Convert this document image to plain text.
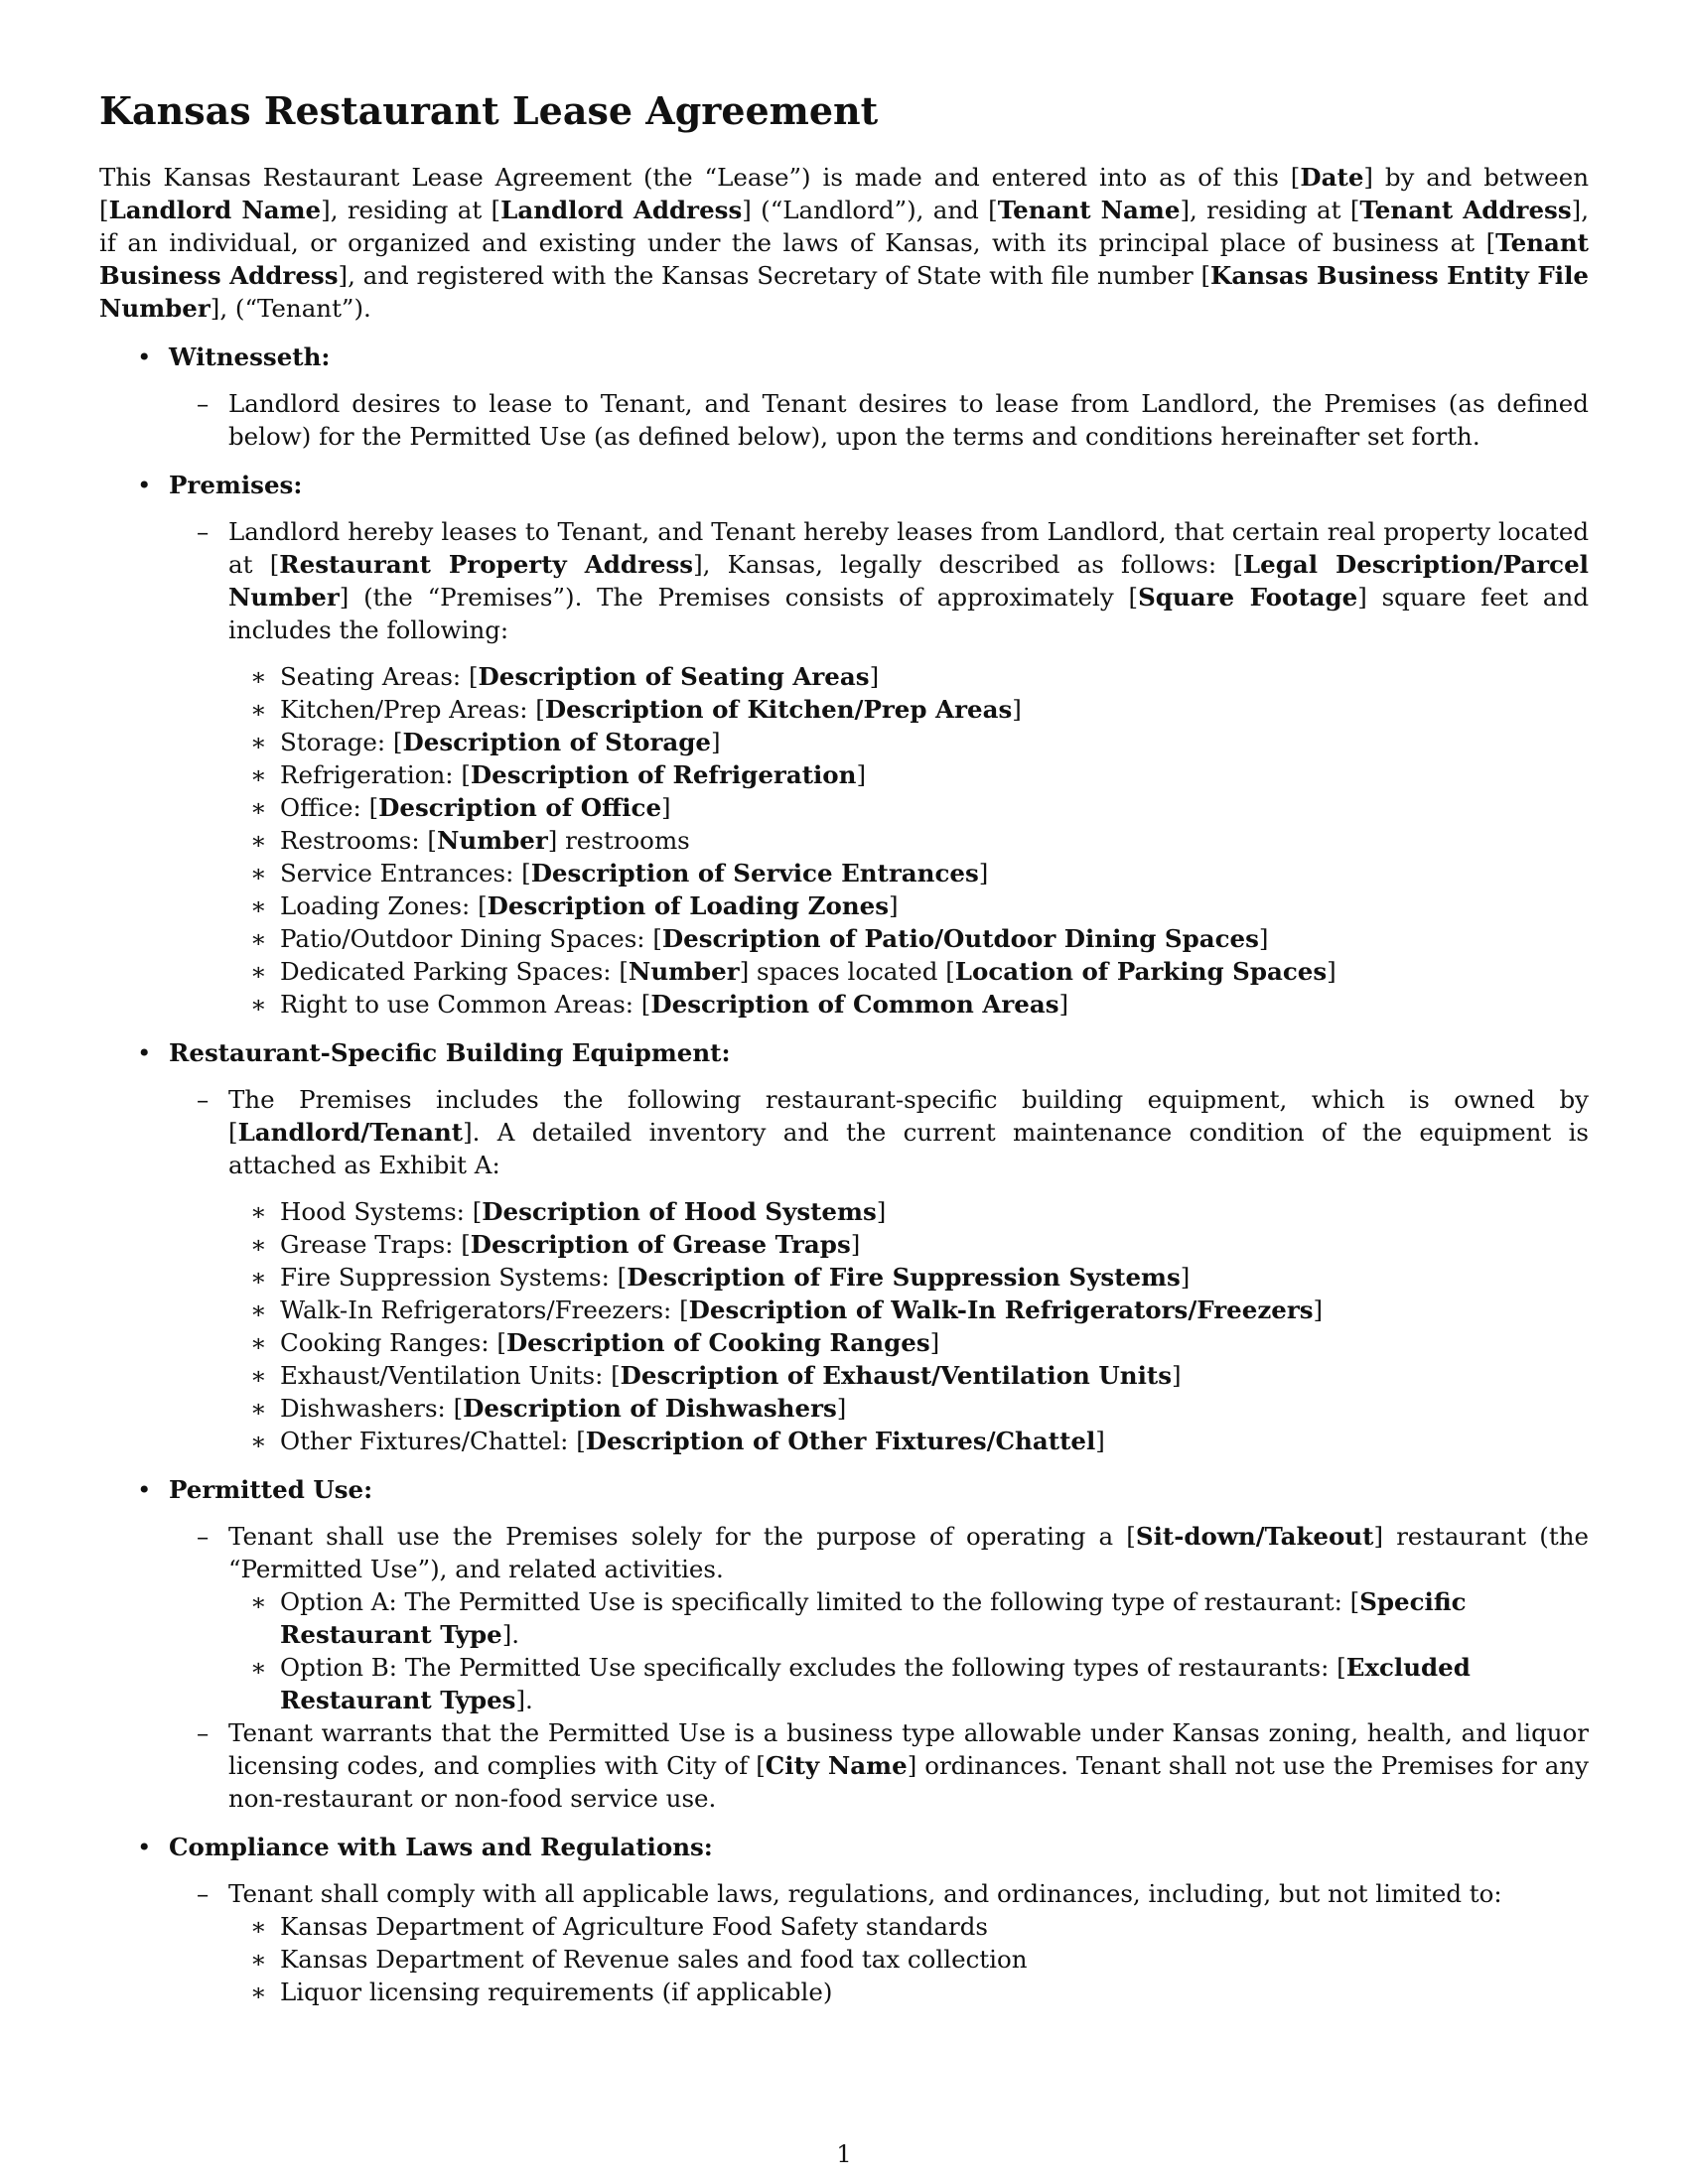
Kansas Restaurant Lease Agreement

This Kansas Restaurant Lease Agreement (the “Lease”) is made and entered into as of this [Date] by and between [Landlord Name], residing at [Landlord Address] (“Landlord”), and [Tenant Name], residing at [Tenant Address], if an individual, or organized and existing under the laws of Kansas, with its principal place of business at [Tenant Business Address], and registered with the Kansas Secretary of State with file number [Kansas Business Entity File Number], (“Tenant”).

• Witnesseth:
– Landlord desires to lease to Tenant, and Tenant desires to lease from Landlord, the Premises (as defined below) for the Permitted Use (as defined below), upon the terms and conditions hereinafter set forth.
• Premises:
– Landlord hereby leases to Tenant, and Tenant hereby leases from Landlord, that certain real property located at [Restaurant Property Address], Kansas, legally described as follows: [Legal Description/Parcel Number] (the “Premises”). The Premises consists of approximately [Square Footage] square feet and includes the following:
∗ Seating Areas: [Description of Seating Areas]
∗ Kitchen/Prep Areas: [Description of Kitchen/Prep Areas]
∗ Storage: [Description of Storage]
∗ Refrigeration: [Description of Refrigeration]
∗ Office: [Description of Office]
∗ Restrooms: [Number] restrooms
∗ Service Entrances: [Description of Service Entrances]
∗ Loading Zones: [Description of Loading Zones]
∗ Patio/Outdoor Dining Spaces: [Description of Patio/Outdoor Dining Spaces]
∗ Dedicated Parking Spaces: [Number] spaces located [Location of Parking Spaces]
∗ Right to use Common Areas: [Description of Common Areas]
• Restaurant-Specific Building Equipment:
– The Premises includes the following restaurant-specific building equipment, which is owned by [Landlord/Tenant]. A detailed inventory and the current maintenance condition of the equipment is attached as Exhibit A:
∗ Hood Systems: [Description of Hood Systems]
∗ Grease Traps: [Description of Grease Traps]
∗ Fire Suppression Systems: [Description of Fire Suppression Systems]
∗ Walk-In Refrigerators/Freezers: [Description of Walk-In Refrigerators/Freezers]
∗ Cooking Ranges: [Description of Cooking Ranges]
∗ Exhaust/Ventilation Units: [Description of Exhaust/Ventilation Units]
∗ Dishwashers: [Description of Dishwashers]
∗ Other Fixtures/Chattel: [Description of Other Fixtures/Chattel]
• Permitted Use:
– Tenant shall use the Premises solely for the purpose of operating a [Sit-down/Takeout] restaurant (the “Permitted Use”), and related activities.
∗ Option A: The Permitted Use is specifically limited to the following type of restaurant: [Specific Restaurant Type].
∗ Option B: The Permitted Use specifically excludes the following types of restaurants: [Excluded Restaurant Types].
– Tenant warrants that the Permitted Use is a business type allowable under Kansas zoning, health, and liquor licensing codes, and complies with City of [City Name] ordinances. Tenant shall not use the Premises for any non-restaurant or non-food service use.
• Compliance with Laws and Regulations:
– Tenant shall comply with all applicable laws, regulations, and ordinances, including, but not limited to:
∗ Kansas Department of Agriculture Food Safety standards
∗ Kansas Department of Revenue sales and food tax collection
∗ Liquor licensing requirements (if applicable)
1
